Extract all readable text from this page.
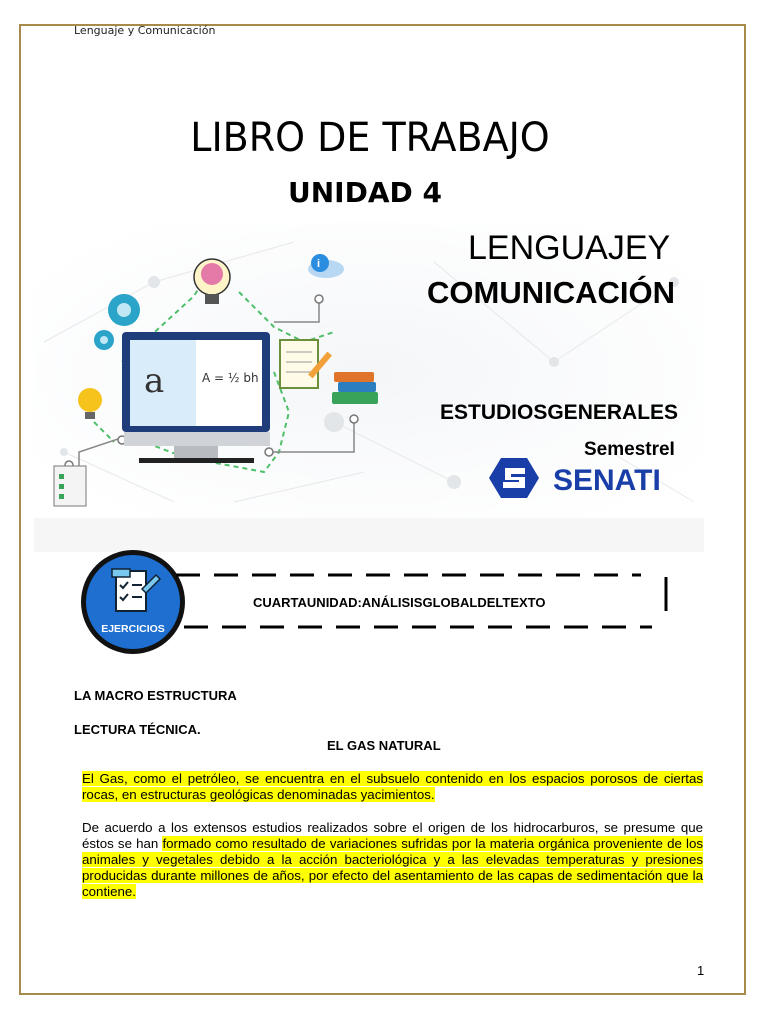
Lenguaje y Comunicación
LIBRO DE TRABAJO
UNIDAD 4
i
a	A = ½ bh
LENGUAJEY
COMUNICACIÓN
ESTUDIOSGENERALES
SemestreI
SENATI
EJERCICIOS
CUARTAUNIDAD:ANÁLISISGLOBALDELTEXTO
LA MACRO ESTRUCTURA
LECTURA TÉCNICA.
EL GAS NATURAL
El Gas, como el petróleo, se encuentra en el subsuelo contenido en los espacios porosos de ciertas rocas, en estructuras geológicas denominadas yacimientos.
De acuerdo a los extensos estudios realizados sobre el origen de los hidrocarburos, se presume que éstos se han formado como resultado de variaciones sufridas por la materia orgánica proveniente de los animales y vegetales debido a la acción bacteriológica y a las elevadas temperaturas y presiones producidas durante millones de años, por efecto del asentamiento de las capas de sedimentación que la contiene.
1
